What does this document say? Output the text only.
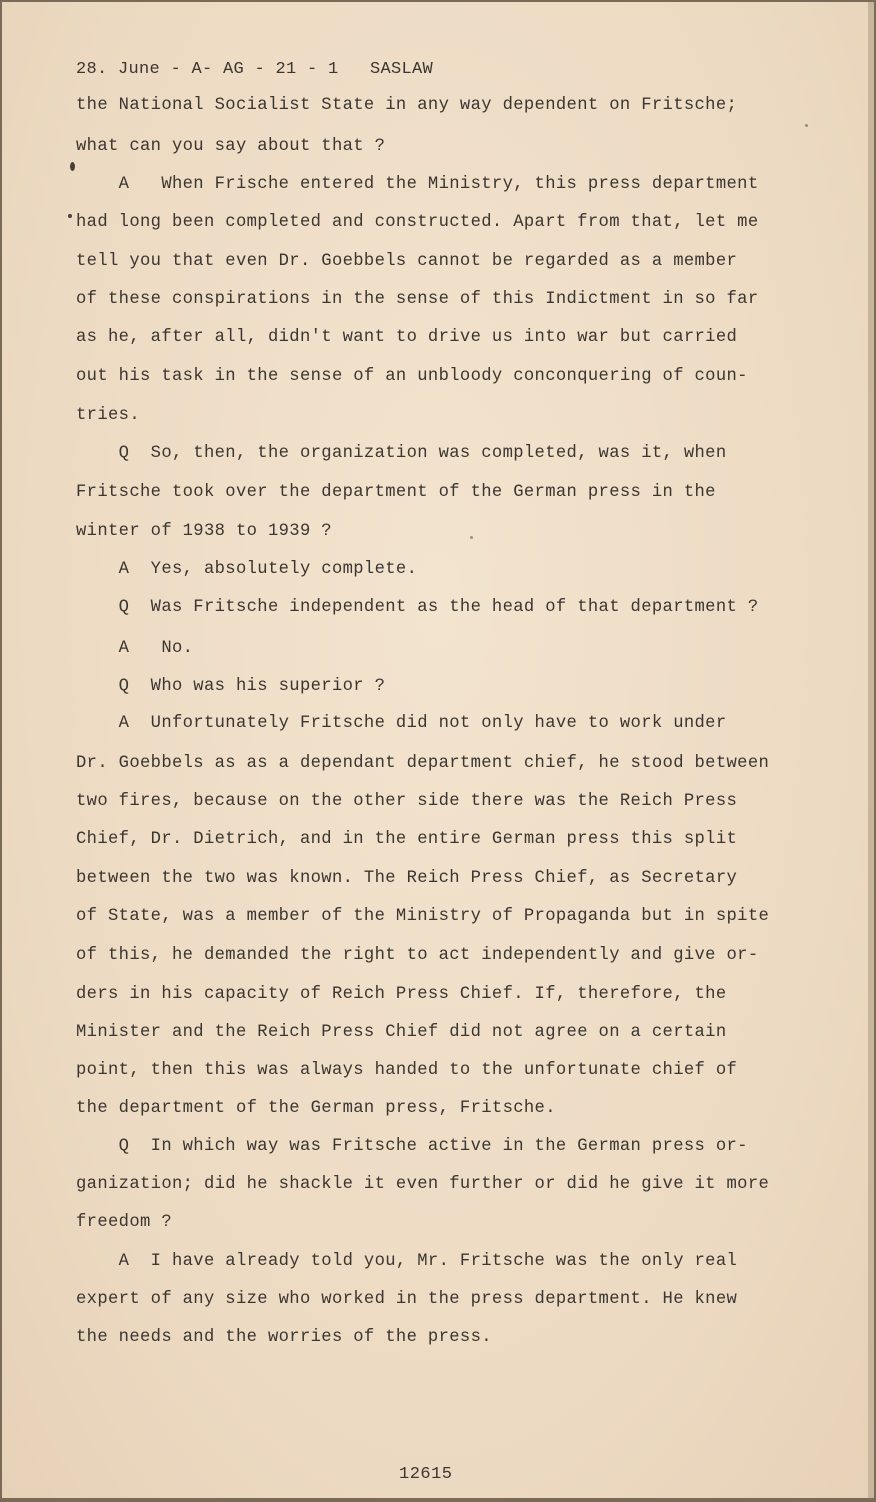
28. June - A- AG - 21 - 1   SASLAW
the National Socialist State in any way dependent on Fritsche;
what can you say about that ?
A   When Frische entered the Ministry, this press department
had long been completed and constructed. Apart from that, let me
tell you that even Dr. Goebbels cannot be regarded as a member
of these conspirations in the sense of this Indictment in so far
as he, after all, didn't want to drive us into war but carried
out his task in the sense of an unbloody conconquering of coun-
tries.
Q  So, then, the organization was completed, was it, when
Fritsche took over the department of the German press in the
winter of 1938 to 1939 ?
A  Yes, absolutely complete.
Q  Was Fritsche independent as the head of that department ?
A   No.
Q  Who was his superior ?
A  Unfortunately Fritsche did not only have to work under
Dr. Goebbels as as a dependant department chief, he stood between
two fires, because on the other side there was the Reich Press
Chief, Dr. Dietrich, and in the entire German press this split
between the two was known. The Reich Press Chief, as Secretary
of State, was a member of the Ministry of Propaganda but in spite
of this, he demanded the right to act independently and give or-
ders in his capacity of Reich Press Chief. If, therefore, the
Minister and the Reich Press Chief did not agree on a certain
point, then this was always handed to the unfortunate chief of
the department of the German press, Fritsche.
Q  In which way was Fritsche active in the German press or-
ganization; did he shackle it even further or did he give it more
freedom ?
A  I have already told you, Mr. Fritsche was the only real
expert of any size who worked in the press department. He knew
the needs and the worries of the press.
12615
